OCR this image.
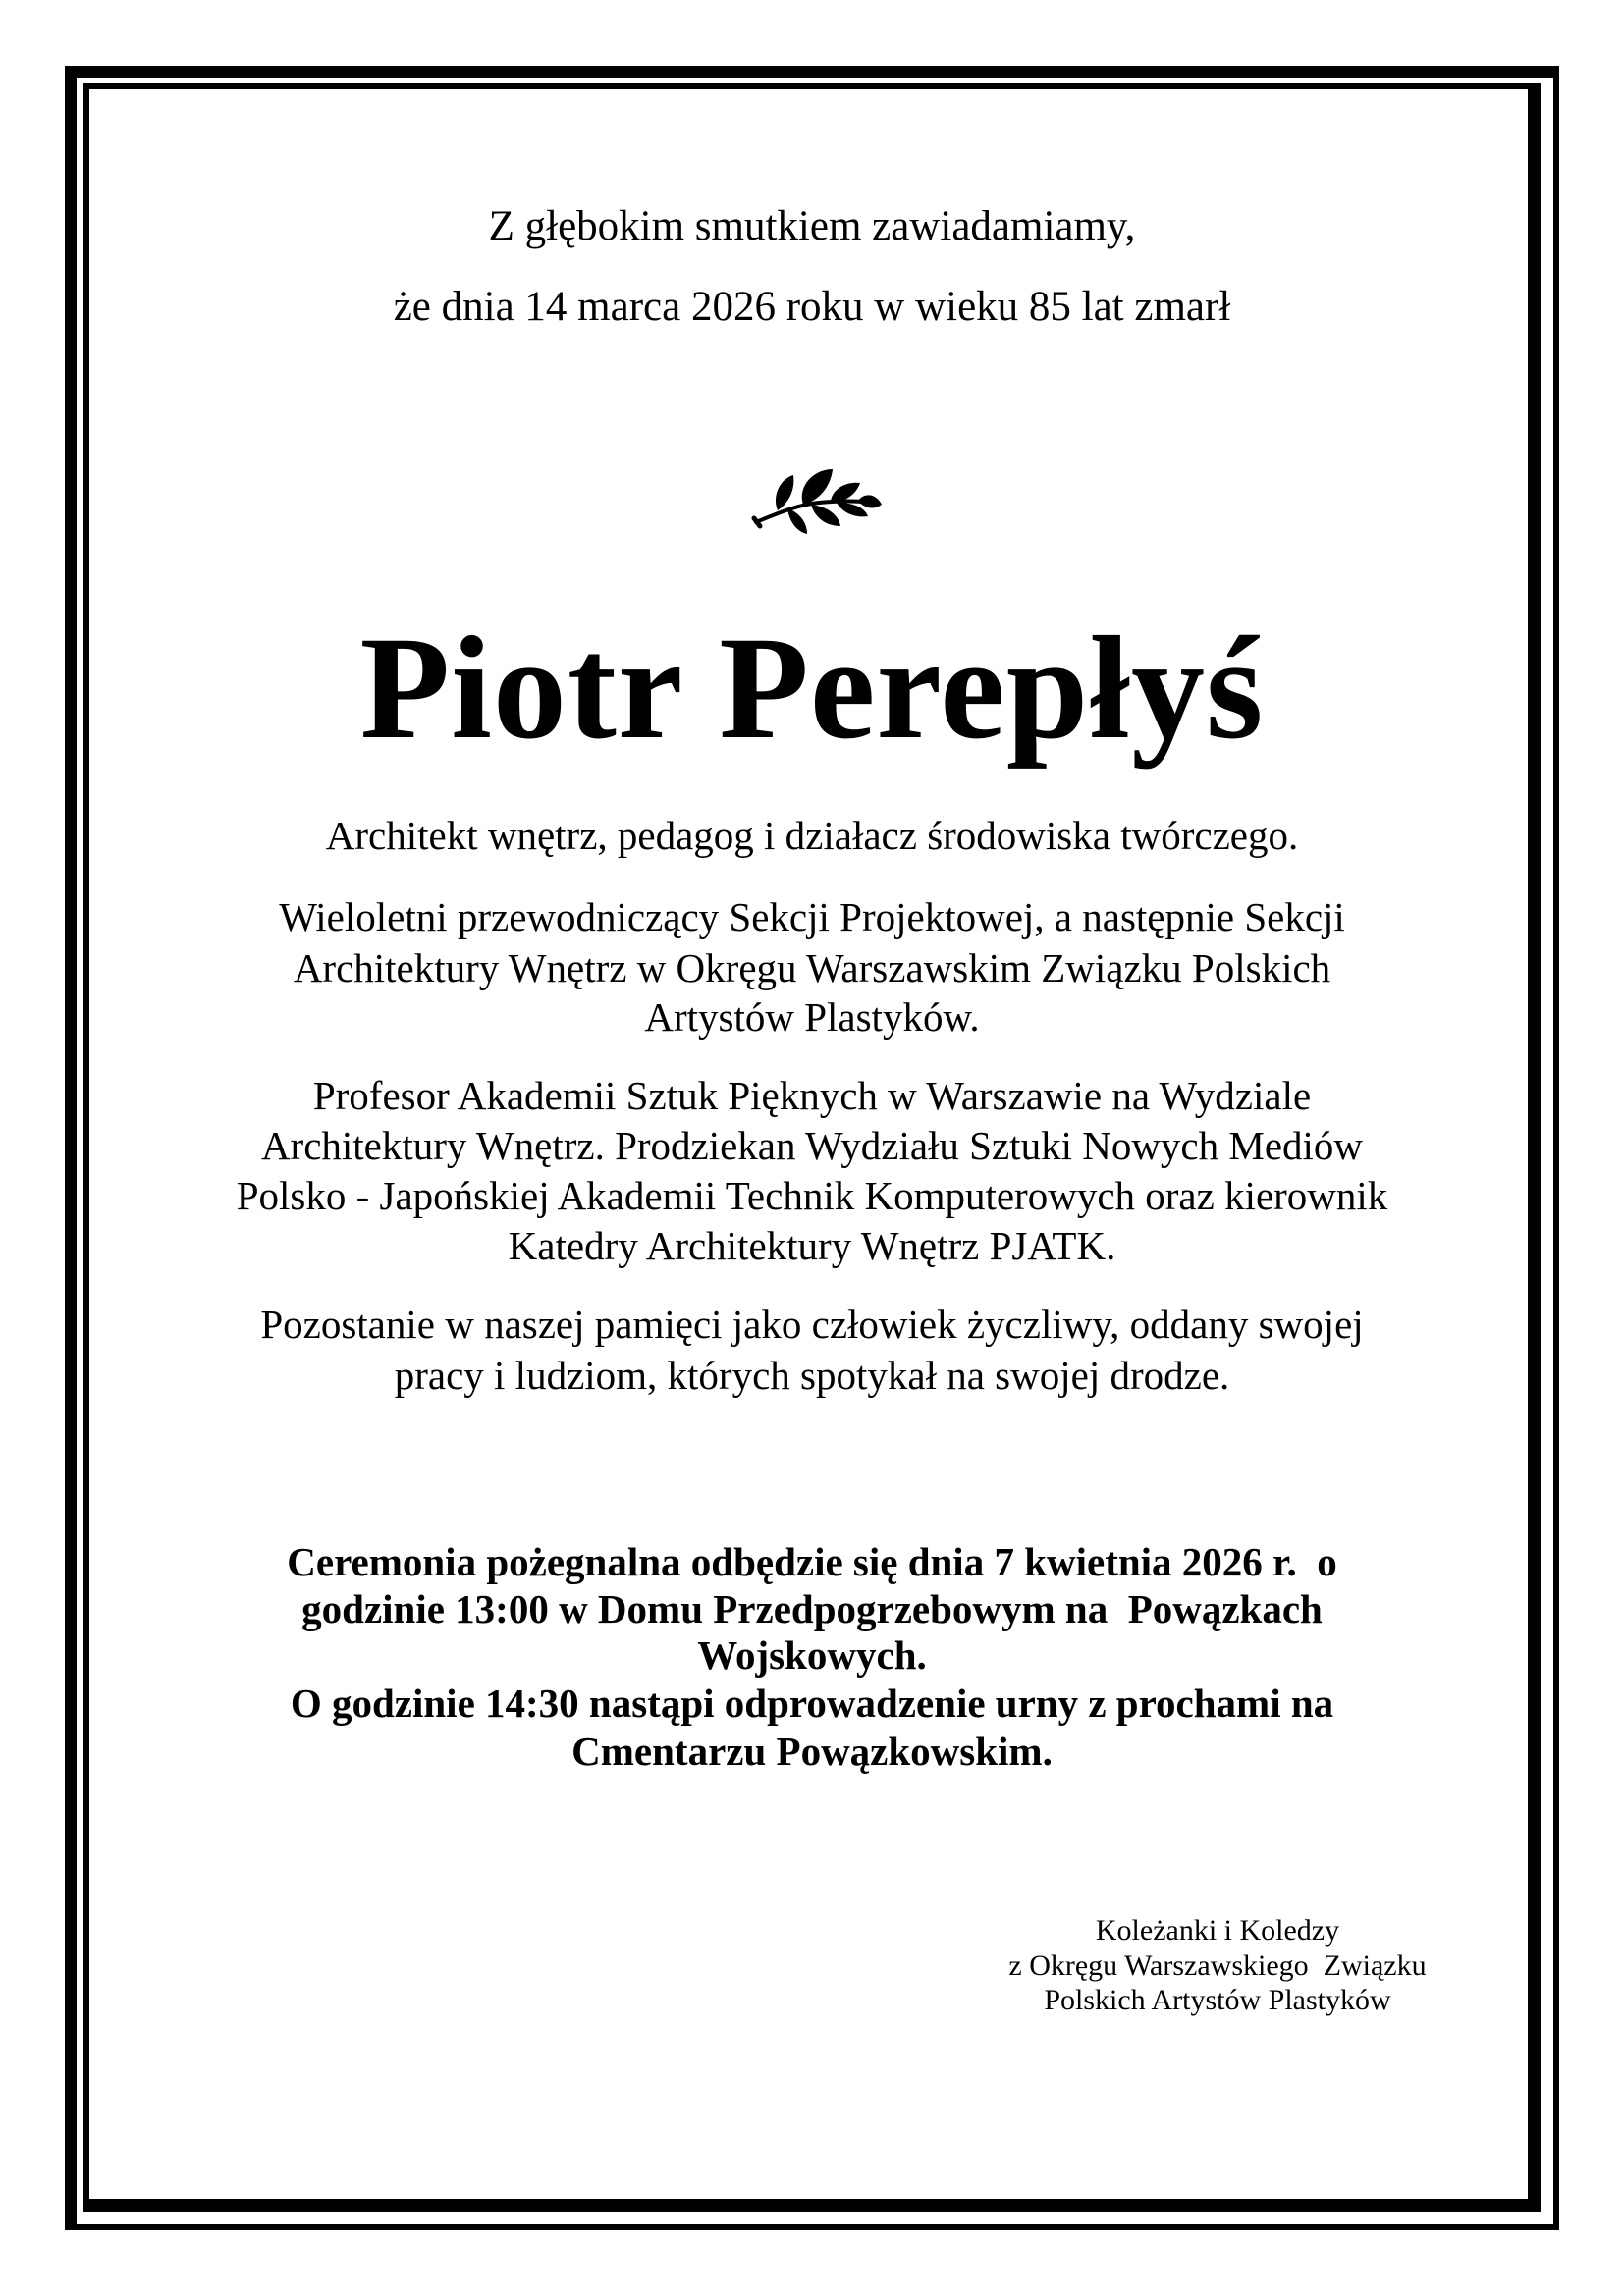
Z głębokim smutkiem zawiadamiamy,
że dnia 14 marca 2026 roku w wieku 85 lat zmarł
Piotr Perepłyś
Architekt wnętrz, pedagog i działacz środowiska twórczego.
Wieloletni przewodniczący Sekcji Projektowej, a następnie Sekcji
Architektury Wnętrz w Okręgu Warszawskim Związku Polskich
Artystów Plastyków.
Profesor Akademii Sztuk Pięknych w Warszawie na Wydziale
Architektury Wnętrz. Prodziekan Wydziału Sztuki Nowych Mediów
Polsko - Japońskiej Akademii Technik Komputerowych oraz kierownik
Katedry Architektury Wnętrz PJATK.
Pozostanie w naszej pamięci jako człowiek życzliwy, oddany swojej
pracy i ludziom, których spotykał na swojej drodze.
Ceremonia pożegnalna odbędzie się dnia 7 kwietnia 2026 r.  o
godzinie 13:00 w Domu Przedpogrzebowym na  Powązkach
Wojskowych.
O godzinie 14:30 nastąpi odprowadzenie urny z prochami na
Cmentarzu Powązkowskim.
Koleżanki i Koledzy
z Okręgu Warszawskiego  Związku
Polskich Artystów Plastyków
